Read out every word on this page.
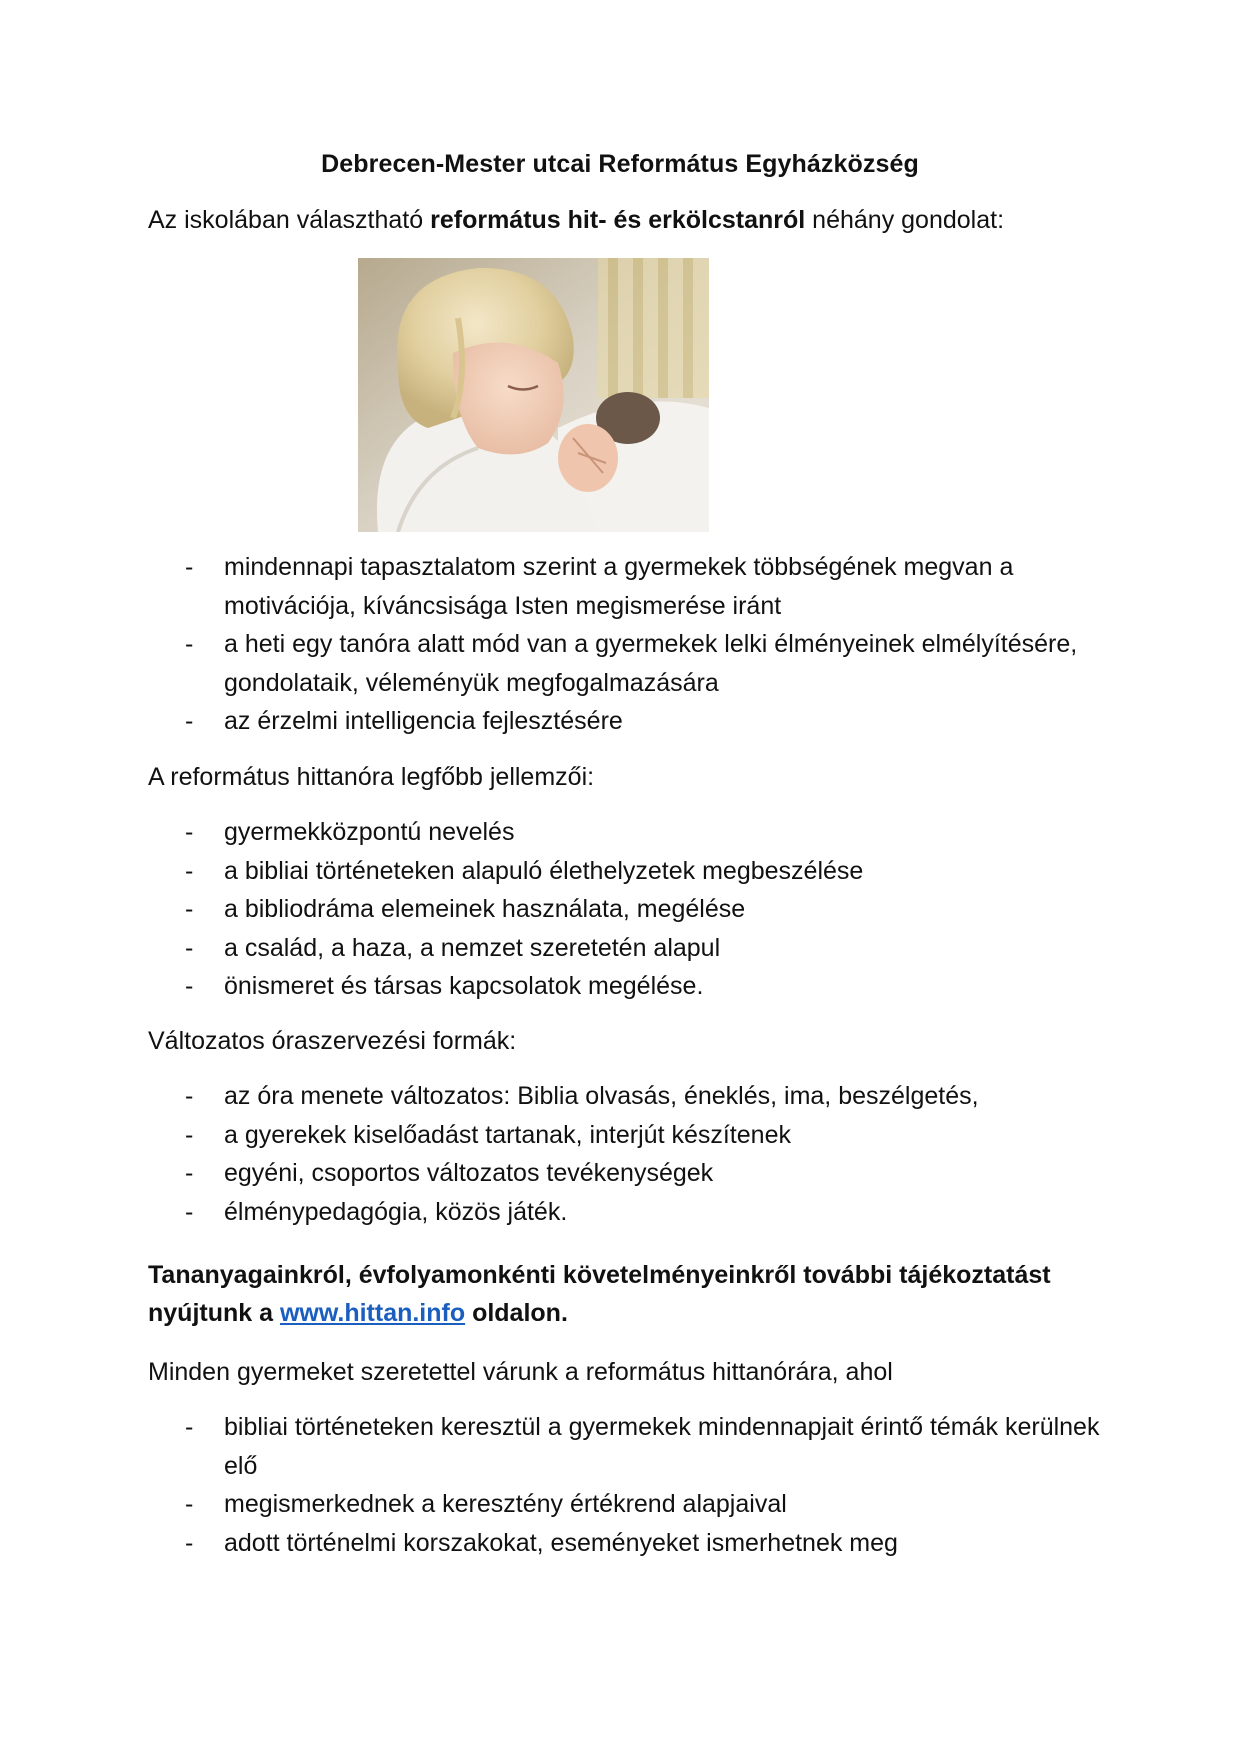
Debrecen-Mester utcai Református Egyházközség
Az iskolában választható református hit- és erkölcstanról néhány gondolat:
- mindennapi tapasztalatom szerint a gyermekek többségének megvan a motivációja, kíváncsisága Isten megismerése iránt
- a heti egy tanóra alatt mód van a gyermekek lelki élményeinek elmélyítésére, gondolataik, véleményük megfogalmazására
- az érzelmi intelligencia fejlesztésére
A református hittanóra legfőbb jellemzői:
- gyermekközpontú nevelés
- a bibliai történeteken alapuló élethelyzetek megbeszélése
- a bibliodráma elemeinek használata, megélése
- a család, a haza, a nemzet szeretetén alapul
- önismeret és társas kapcsolatok megélése.
Változatos óraszervezési formák:
- az óra menete változatos: Biblia olvasás, éneklés, ima, beszélgetés,
- a gyerekek kiselőadást tartanak, interjút készítenek
- egyéni, csoportos változatos tevékenységek
- élménypedagógia, közös játék.
Tananyagainkról, évfolyamonkénti követelményeinkről további tájékoztatást nyújtunk a www.hittan.info oldalon.
Minden gyermeket szeretettel várunk a református hittanórára, ahol
- bibliai történeteken keresztül a gyermekek mindennapjait érintő témák kerülnek elő
- megismerkednek a keresztény értékrend alapjaival
- adott történelmi korszakokat, eseményeket ismerhetnek meg
